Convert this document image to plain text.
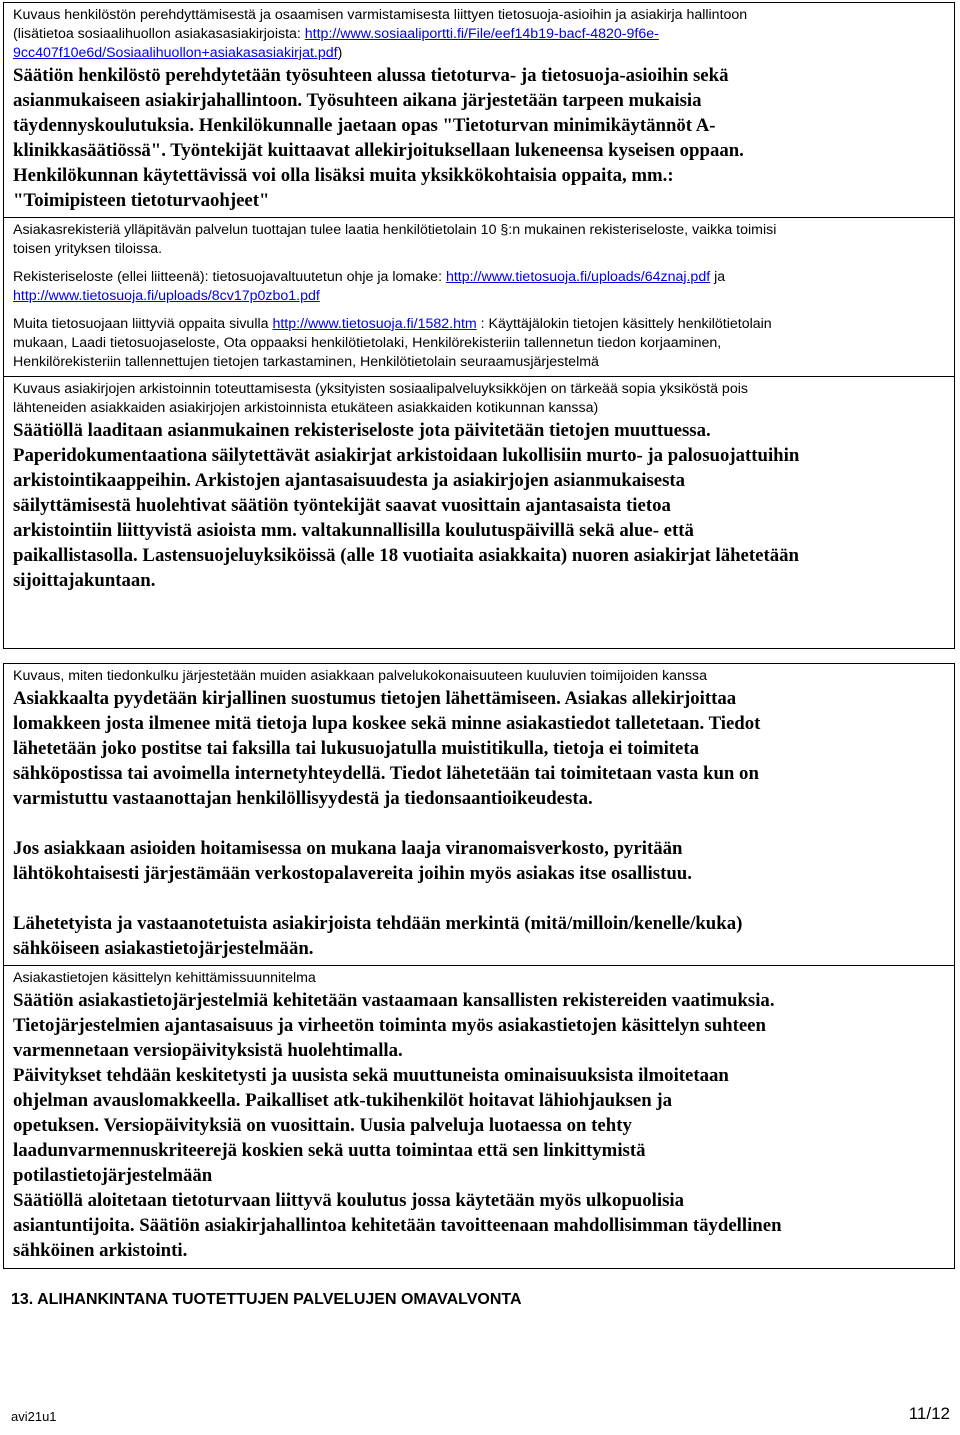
Kuvaus henkilöstön perehdyttämisestä ja osaamisen varmistamisesta liittyen tietosuoja-asioihin ja asiakirja hallintoon

(lisätietoa sosiaalihuollon asiakasasiakirjoista: http://www.sosiaaliportti.fi/File/eef14b19-bacf-4820-9f6e-

9cc407f10e6d/Sosiaalihuollon+asiakasasiakirjat.pdf)

Säätiön henkilöstö perehdytetään työsuhteen alussa tietoturva- ja tietosuoja-asioihin sekä

asianmukaiseen asiakirjahallintoon. Työsuhteen aikana järjestetään tarpeen mukaisia

täydennyskoulutuksia. Henkilökunnalle jaetaan opas "Tietoturvan minimikäytännöt A-

klinikkasäätiössä". Työntekijät kuittaavat allekirjoituksellaan lukeneensa kyseisen oppaan.

Henkilökunnan käytettävissä voi olla lisäksi muita yksikkökohtaisia oppaita, mm.:

"Toimipisteen tietoturvaohjeet"

Asiakasrekisteriä ylläpitävän palvelun tuottajan tulee laatia henkilötietolain 10 §:n mukainen rekisteriseloste, vaikka toimisi

toisen yrityksen tiloissa.

Rekisteriseloste (ellei liitteenä): tietosuojavaltuutetun ohje ja lomake: http://www.tietosuoja.fi/uploads/64znaj.pdf ja

http://www.tietosuoja.fi/uploads/8cv17p0zbo1.pdf

Muita tietosuojaan liittyviä oppaita sivulla http://www.tietosuoja.fi/1582.htm : Käyttäjälokin tietojen käsittely henkilötietolain

mukaan, Laadi tietosuojaseloste, Ota oppaaksi henkilötietolaki, Henkilörekisteriin tallennetun tiedon korjaaminen,

Henkilörekisteriin tallennettujen tietojen tarkastaminen, Henkilötietolain seuraamusjärjestelmä

Kuvaus asiakirjojen arkistoinnin toteuttamisesta (yksityisten sosiaalipalveluyksikköjen on tärkeää sopia yksiköstä pois

lähteneiden asiakkaiden asiakirjojen arkistoinnista etukäteen asiakkaiden kotikunnan kanssa)

Säätiöllä laaditaan asianmukainen rekisteriseloste jota päivitetään tietojen muuttuessa.

Paperidokumentaationa säilytettävät asiakirjat arkistoidaan lukollisiin murto- ja palosuojattuihin

arkistointikaappeihin. Arkistojen ajantasaisuudesta ja asiakirjojen asianmukaisesta

säilyttämisestä huolehtivat säätiön työntekijät saavat vuosittain ajantasaista tietoa

arkistointiin liittyvistä asioista mm. valtakunnallisilla koulutuspäivillä sekä alue- että

paikallistasolla. Lastensuojeluyksiköissä (alle 18 vuotiaita asiakkaita) nuoren asiakirjat lähetetään

sijoittajakuntaan.

Kuvaus, miten tiedonkulku järjestetään muiden asiakkaan palvelukokonaisuuteen kuuluvien toimijoiden kanssa

Asiakkaalta pyydetään kirjallinen suostumus tietojen lähettämiseen. Asiakas allekirjoittaa

lomakkeen josta ilmenee mitä tietoja lupa koskee sekä minne asiakastiedot talletetaan. Tiedot

lähetetään joko postitse tai faksilla tai lukusuojatulla muistitikulla, tietoja ei toimiteta

sähköpostissa tai avoimella internetyhteydellä. Tiedot lähetetään tai toimitetaan vasta kun on

varmistuttu vastaanottajan henkilöllisyydestä ja tiedonsaantioikeudesta.

Jos asiakkaan asioiden hoitamisessa on mukana laaja viranomaisverkosto, pyritään

lähtökohtaisesti järjestämään verkostopalavereita joihin myös asiakas itse osallistuu.

Lähetetyista ja vastaanotetuista asiakirjoista tehdään merkintä (mitä/milloin/kenelle/kuka)

sähköiseen asiakastietojärjestelmään.

Asiakastietojen käsittelyn kehittämissuunnitelma

Säätiön asiakastietojärjestelmiä kehitetään vastaamaan kansallisten rekistereiden vaatimuksia.

Tietojärjestelmien ajantasaisuus ja virheetön toiminta myös asiakastietojen käsittelyn suhteen

varmennetaan versiopäivityksistä huolehtimalla.

Päivitykset tehdään keskitetysti ja uusista sekä muuttuneista ominaisuuksista ilmoitetaan

ohjelman avauslomakkeella. Paikalliset atk-tukihenkilöt hoitavat lähiohjauksen ja

opetuksen. Versiopäivityksiä on vuosittain. Uusia palveluja luotaessa on tehty

laadunvarmennuskriteerejä koskien sekä uutta toimintaa että sen linkittymistä

potilastietojärjestelmään

Säätiöllä aloitetaan tietoturvaan liittyvä koulutus jossa käytetään myös ulkopuolisia

asiantuntijoita. Säätiön asiakirjahallintoa kehitetään tavoitteenaan mahdollisimman täydellinen

sähköinen arkistointi.

13. ALIHANKINTANA TUOTETTUJEN PALVELUJEN OMAVALVONTA
avi21u1	11/12
